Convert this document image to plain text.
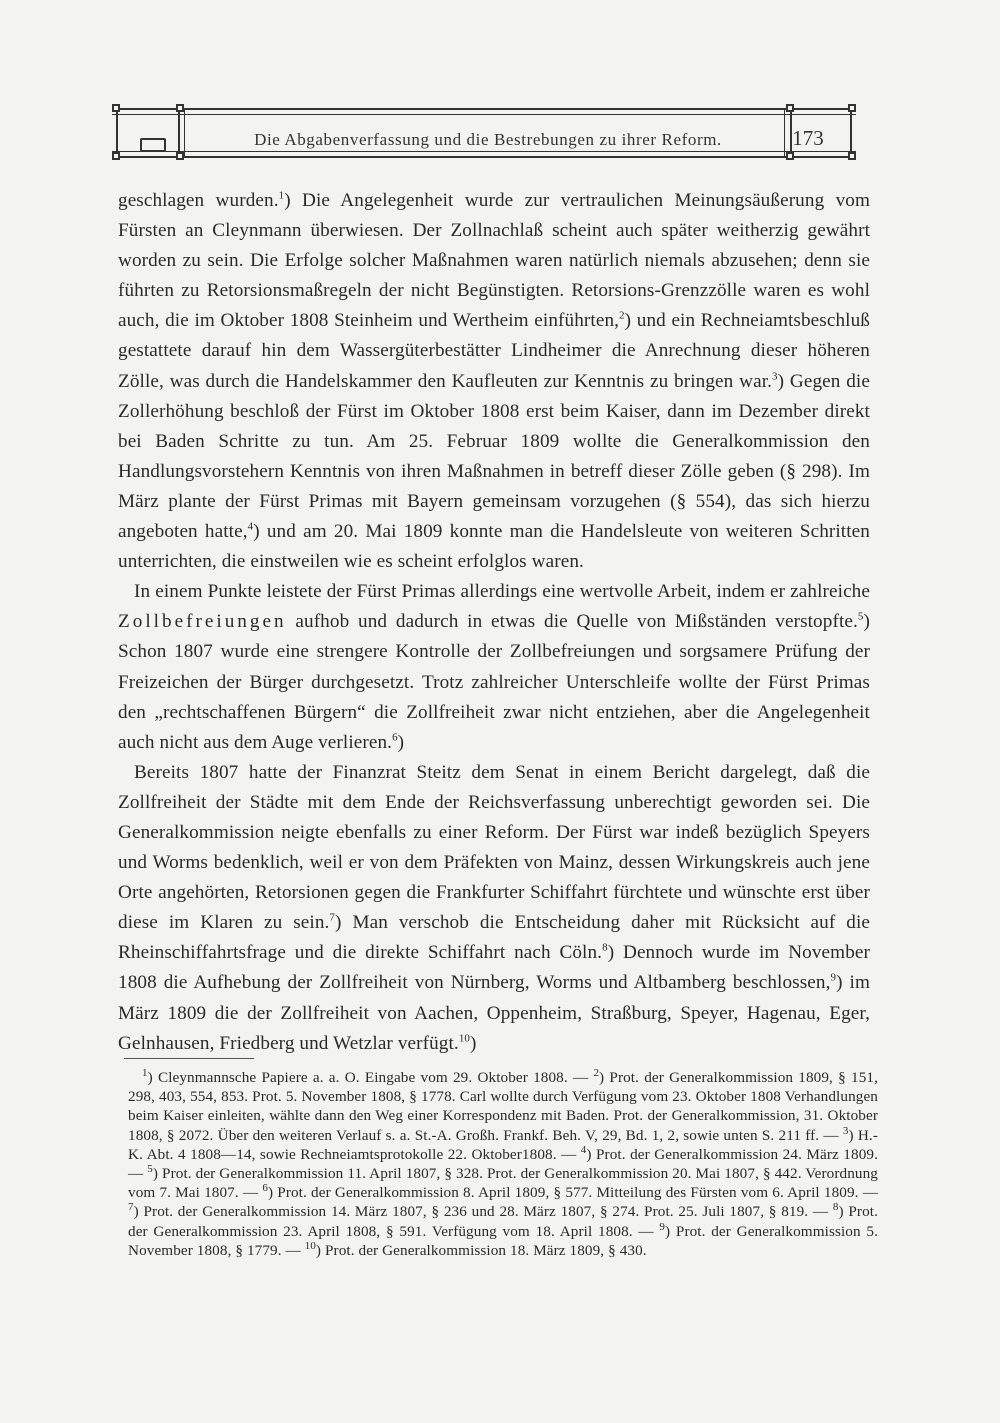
Die Abgabenverfassung und die Bestrebungen zu ihrer Reform.	173

geschlagen wurden.$^1$) Die Angelegenheit wurde zur vertraulichen Meinungsäußerung vom Fürsten an Cleynmann überwiesen. Der Zollnachlaß scheint auch später weitherzig gewährt worden zu sein. Die Erfolge solcher Maßnahmen waren natürlich niemals abzusehen; denn sie führten zu Retorsionsmaßregeln der nicht Begünstigten. Retorsions-Grenzzölle waren es wohl auch, die im Oktober 1808 Steinheim und Wertheim einführten,$^2$) und ein Rechneiamtsbeschluß gestattete darauf hin dem Wassergüterbestätter Lindheimer die Anrechnung dieser höheren Zölle, was durch die Handelskammer den Kaufleuten zur Kenntnis zu bringen war.$^3$) Gegen die Zollerhöhung beschloß der Fürst im Oktober 1808 erst beim Kaiser, dann im Dezember direkt bei Baden Schritte zu tun. Am 25. Februar 1809 wollte die Generalkommission den Handlungsvorstehern Kenntnis von ihren Maßnahmen in betreff dieser Zölle geben (§ 298). Im März plante der Fürst Primas mit Bayern gemeinsam vorzugehen (§ 554), das sich hierzu angeboten hatte,$^4$) und am 20. Mai 1809 konnte man die Handelsleute von weiteren Schritten unterrichten, die einstweilen wie es scheint erfolglos waren.

In einem Punkte leistete der Fürst Primas allerdings eine wertvolle Arbeit, indem er zahlreiche Zollbefreiungen aufhob und dadurch in etwas die Quelle von Mißständen verstopfte.$^5$) Schon 1807 wurde eine strengere Kontrolle der Zollbefreiungen und sorgsamere Prüfung der Freizeichen der Bürger durchgesetzt. Trotz zahlreicher Unterschleife wollte der Fürst Primas den „rechtschaffenen Bürgern“ die Zollfreiheit zwar nicht entziehen, aber die Angelegenheit auch nicht aus dem Auge verlieren.$^6$)

Bereits 1807 hatte der Finanzrat Steitz dem Senat in einem Bericht dargelegt, daß die Zollfreiheit der Städte mit dem Ende der Reichsverfassung unberechtigt geworden sei. Die Generalkommission neigte ebenfalls zu einer Reform. Der Fürst war indeß bezüglich Speyers und Worms bedenklich, weil er von dem Präfekten von Mainz, dessen Wirkungskreis auch jene Orte angehörten, Retorsionen gegen die Frankfurter Schiffahrt fürchtete und wünschte erst über diese im Klaren zu sein.$^7$) Man verschob die Entscheidung daher mit Rücksicht auf die Rheinschiffahrtsfrage und die direkte Schiffahrt nach Cöln.$^8$) Dennoch wurde im November 1808 die Aufhebung der Zollfreiheit von Nürnberg, Worms und Altbamberg beschlossen,$^9$) im März 1809 die der Zollfreiheit von Aachen, Oppenheim, Straßburg, Speyer, Hagenau, Eger, Gelnhausen, Friedberg und Wetzlar verfügt.$^{10}$)

$^1$) Cleynmannsche Papiere a. a. O. Eingabe vom 29. Oktober 1808. — $^2$) Prot. der Generalkommission 1809, § 151, 298, 403, 554, 853. Prot. 5. November 1808, § 1778. Carl wollte durch Verfügung vom 23. Oktober 1808 Verhandlungen beim Kaiser einleiten, wählte dann den Weg einer Korrespondenz mit Baden. Prot. der Generalkommission, 31. Oktober 1808, § 2072. Über den weiteren Verlauf s. a. St.-A. Großh. Frankf. Beh. V, 29, Bd. 1, 2, sowie unten S. 211 ff. — $^3$) H.-K. Abt. 4 1808—14, sowie Rechneiamtsprotokolle 22. Oktober1808. — $^4$) Prot. der Generalkommission 24. März 1809. — $^5$) Prot. der Generalkommission 11. April 1807, § 328. Prot. der Generalkommission 20. Mai 1807, § 442. Verordnung vom 7. Mai 1807. — $^6$) Prot. der Generalkommission 8. April 1809, § 577. Mitteilung des Fürsten vom 6. April 1809. — $^7$) Prot. der Generalkommission 14. März 1807, § 236 und 28. März 1807, § 274. Prot. 25. Juli 1807, § 819. — $^8$) Prot. der Generalkommission 23. April 1808, § 591. Verfügung vom 18. April 1808. — $^9$) Prot. der Generalkommission 5. November 1808, § 1779. — $^{10}$) Prot. der Generalkommission 18. März 1809, § 430.
